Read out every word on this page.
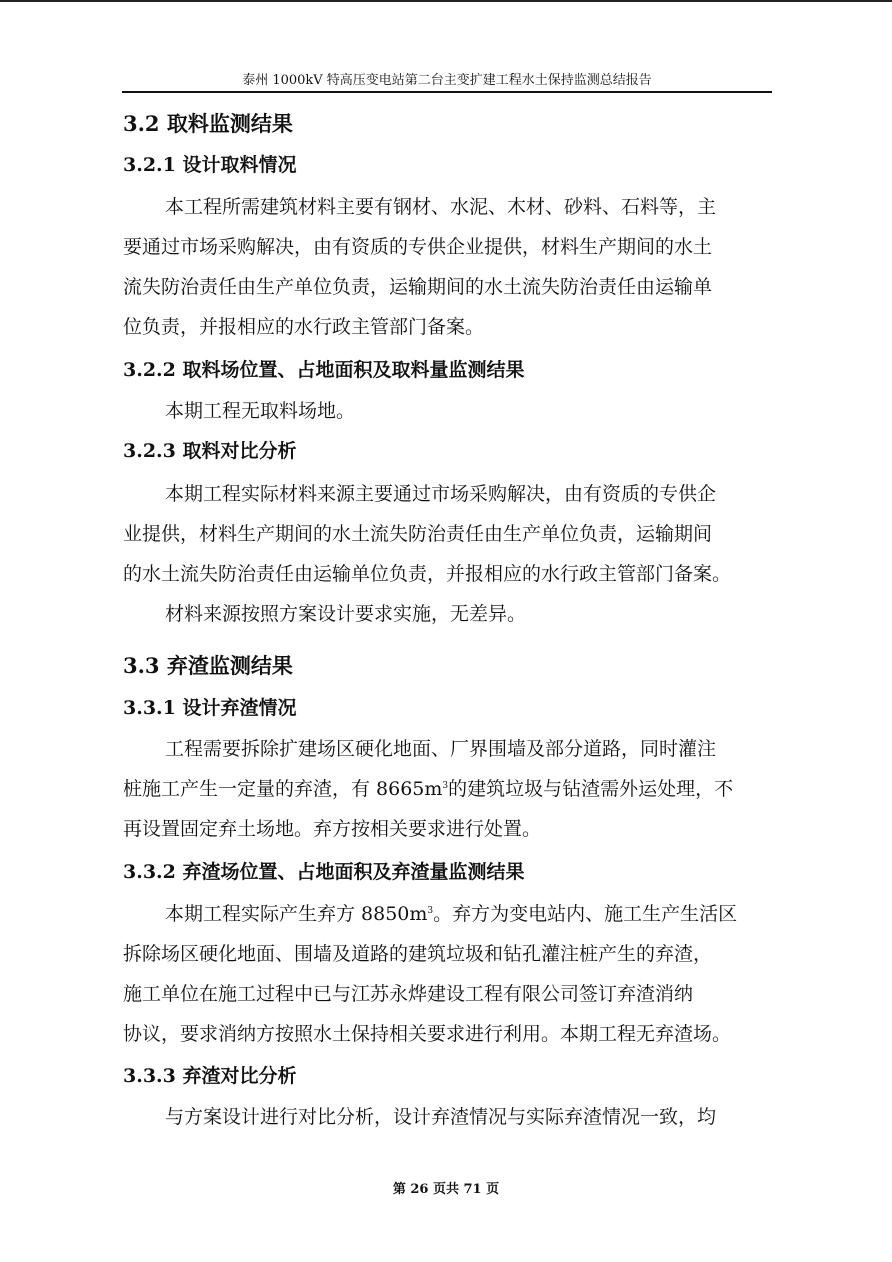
泰州 1000kV 特高压变电站第二台主变扩建工程水土保持监测总结报告
3.2 取料监测结果
3.2.1 设计取料情况

本工程所需建筑材料主要有钢材、水泥、木材、砂料、石料等，主

要通过市场采购解决，由有资质的专供企业提供，材料生产期间的水土

流失防治责任由生产单位负责，运输期间的水土流失防治责任由运输单

位负责，并报相应的水行政主管部门备案。

3.2.2 取料场位置、占地面积及取料量监测结果

本期工程无取料场地。

3.2.3 取料对比分析

本期工程实际材料来源主要通过市场采购解决，由有资质的专供企

业提供，材料生产期间的水土流失防治责任由生产单位负责，运输期间

的水土流失防治责任由运输单位负责，并报相应的水行政主管部门备案。

材料来源按照方案设计要求实施，无差异。

3.3 弃渣监测结果
3.3.1 设计弃渣情况

工程需要拆除扩建场区硬化地面、厂界围墙及部分道路，同时灌注

桩施工产生一定量的弃渣，有 $8665m^3$的建筑垃圾与钻渣需外运处理，不

再设置固定弃土场地。弃方按相关要求进行处置。

3.3.2 弃渣场位置、占地面积及弃渣量监测结果

本期工程实际产生弃方 $8850m^3$。弃方为变电站内、施工生产生活区

拆除场区硬化地面、围墙及道路的建筑垃圾和钻孔灌注桩产生的弃渣，

施工单位在施工过程中已与江苏永烨建设工程有限公司签订弃渣消纳

协议，要求消纳方按照水土保持相关要求进行利用。本期工程无弃渣场。

3.3.3 弃渣对比分析

与方案设计进行对比分析，设计弃渣情况与实际弃渣情况一致，均

第 26 页共 71 页
